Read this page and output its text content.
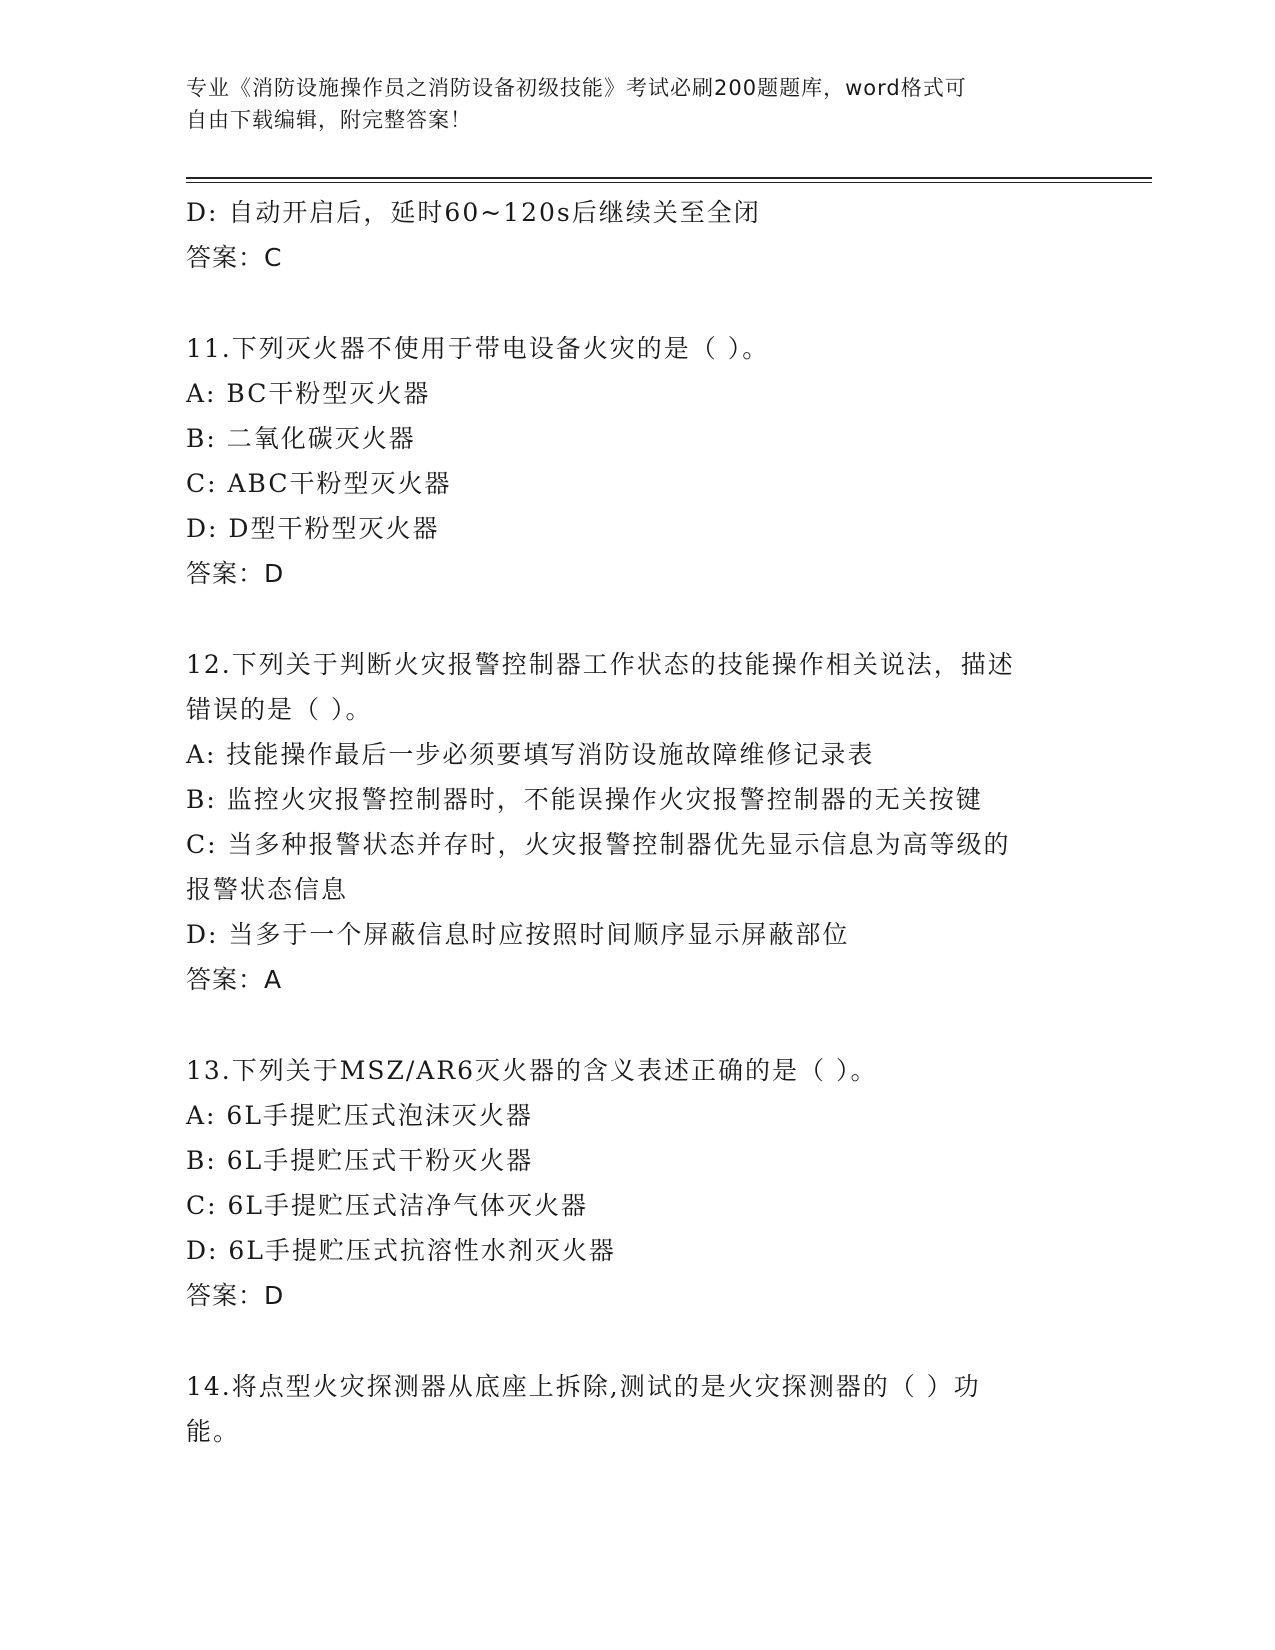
专业《消防设施操作员之消防设备初级技能》考试必刷200题题库，word格式可
自由下载编辑，附完整答案！
D: 自动开启后，延时60~120s后继续关至全闭
答案：C
11.下列灭火器不使用于带电设备火灾的是（ ）。
A: BC干粉型灭火器
B: 二氧化碳灭火器
C: ABC干粉型灭火器
D: D型干粉型灭火器
答案：D
12.下列关于判断火灾报警控制器工作状态的技能操作相关说法，描述
错误的是（ ）。
A: 技能操作最后一步必须要填写消防设施故障维修记录表
B: 监控火灾报警控制器时，不能误操作火灾报警控制器的无关按键
C: 当多种报警状态并存时，火灾报警控制器优先显示信息为高等级的
报警状态信息
D: 当多于一个屏蔽信息时应按照时间顺序显示屏蔽部位
答案：A
13.下列关于MSZ/AR6灭火器的含义表述正确的是（ ）。
A: 6L手提贮压式泡沫灭火器
B: 6L手提贮压式干粉灭火器
C: 6L手提贮压式洁净气体灭火器
D: 6L手提贮压式抗溶性水剂灭火器
答案：D
14.将点型火灾探测器从底座上拆除,测试的是火灾探测器的（ ）功
能。
